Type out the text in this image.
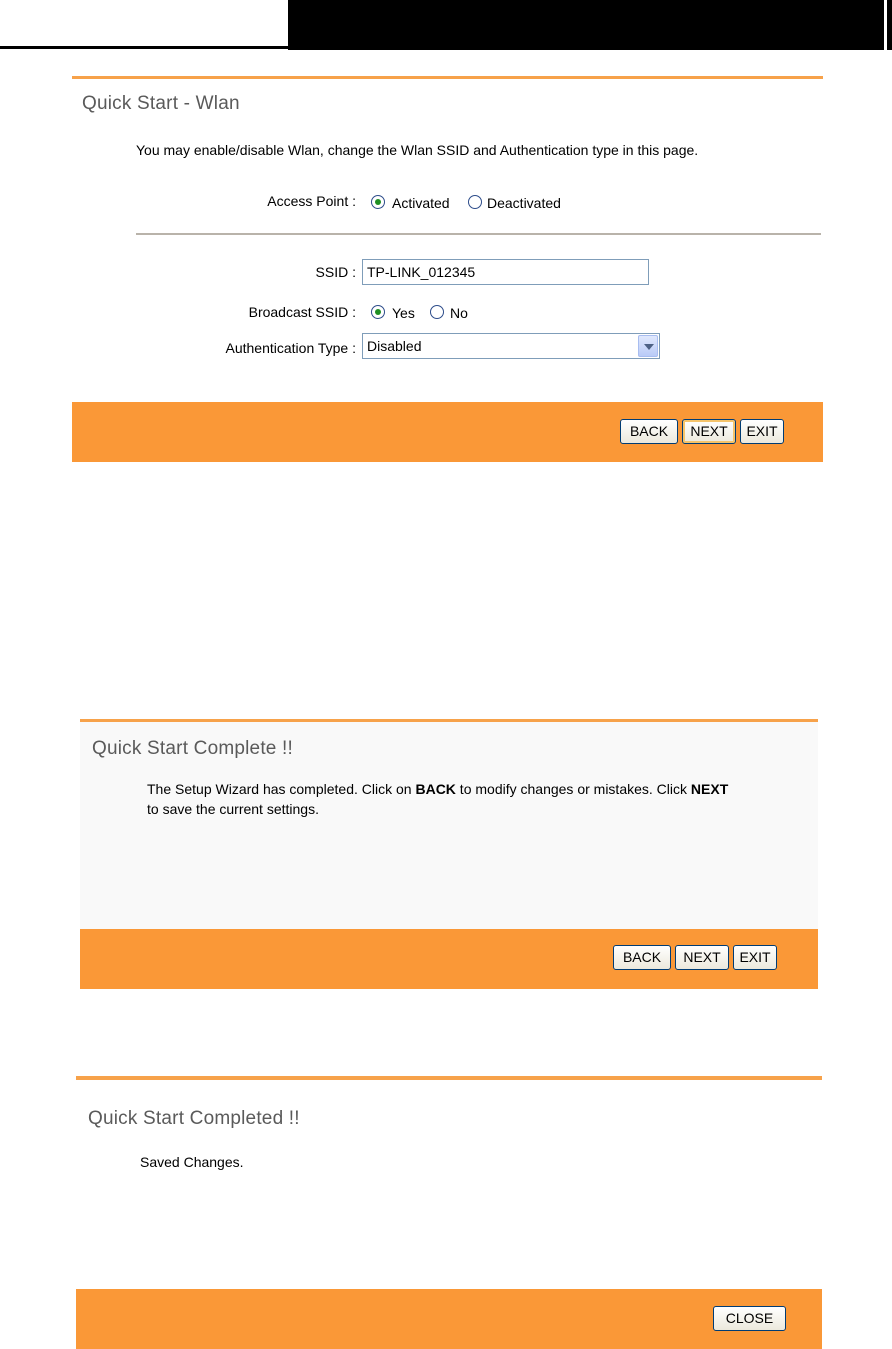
Quick Start - Wlan
You may enable/disable Wlan, change the Wlan SSID and Authentication type in this page.
Access Point :	Activated	Deactivated
SSID :
TP-LINK_012345
Broadcast SSID :	Yes	No
Authentication Type : Disabled
BACK	NEXT	EXIT
Quick Start Complete !!
The Setup Wizard has completed. Click on BACK to modify changes or mistakes. Click NEXT
to save the current settings.
BACK	NEXT	EXIT
Quick Start Completed !!
Saved Changes.
CLOSE
